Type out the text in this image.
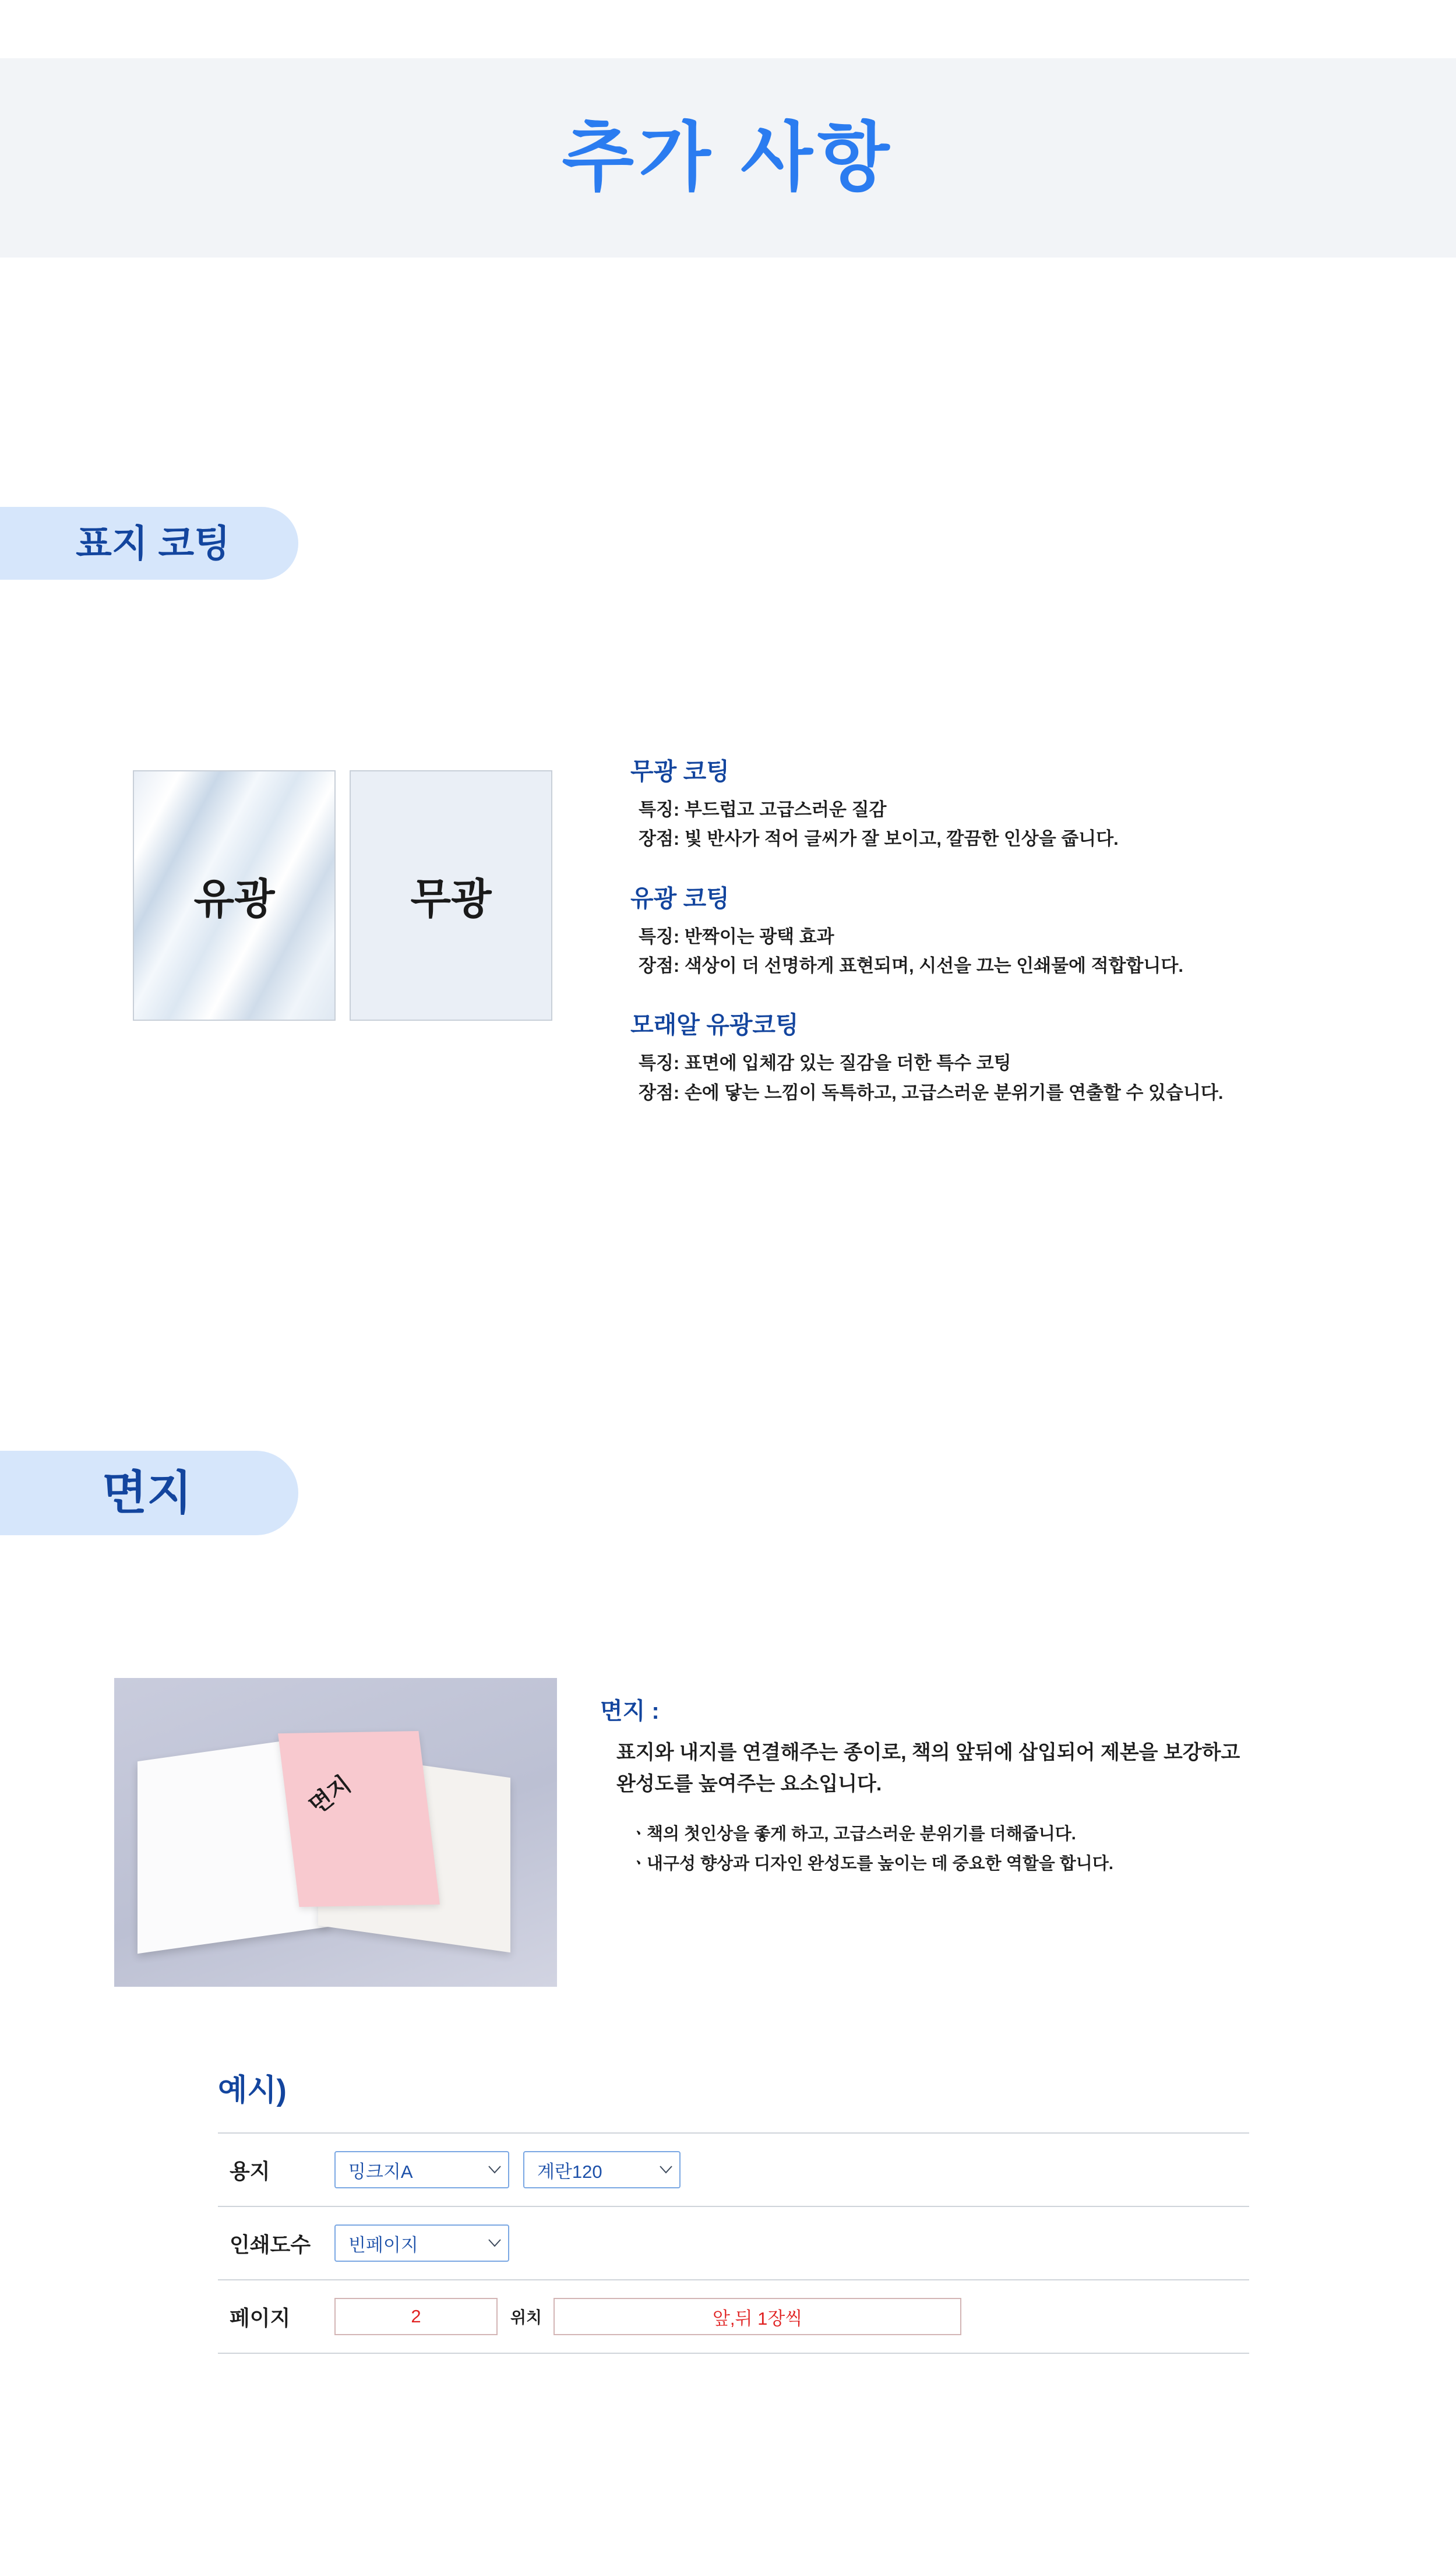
추가 사항
표지 코팅
유광	무광
무광 코팅
특징: 부드럽고 고급스러운 질감
장점: 빛 반사가 적어 글씨가 잘 보이고, 깔끔한 인상을 줍니다.
유광 코팅
특징: 반짝이는 광택 효과
장점: 색상이 더 선명하게 표현되며, 시선을 끄는 인쇄물에 적합합니다.
모래알 유광코팅
특징: 표면에 입체감 있는 질감을 더한 특수 코팅
장점: 손에 닿는 느낌이 독특하고, 고급스러운 분위기를 연출할 수 있습니다.
면지
면지
면지 :
표지와 내지를 연결해주는 종이로, 책의 앞뒤에 삽입되어 제본을 보강하고
완성도를 높여주는 요소입니다.
ㆍ책의 첫인상을 좋게 하고, 고급스러운 분위기를 더해줍니다.
ㆍ내구성 향상과 디자인 완성도를 높이는 데 중요한 역할을 합니다.
예시)
용지	밍크지A	계란120
인쇄도수	빈페이지
페이지	2	위치	앞,뒤 1장씩
